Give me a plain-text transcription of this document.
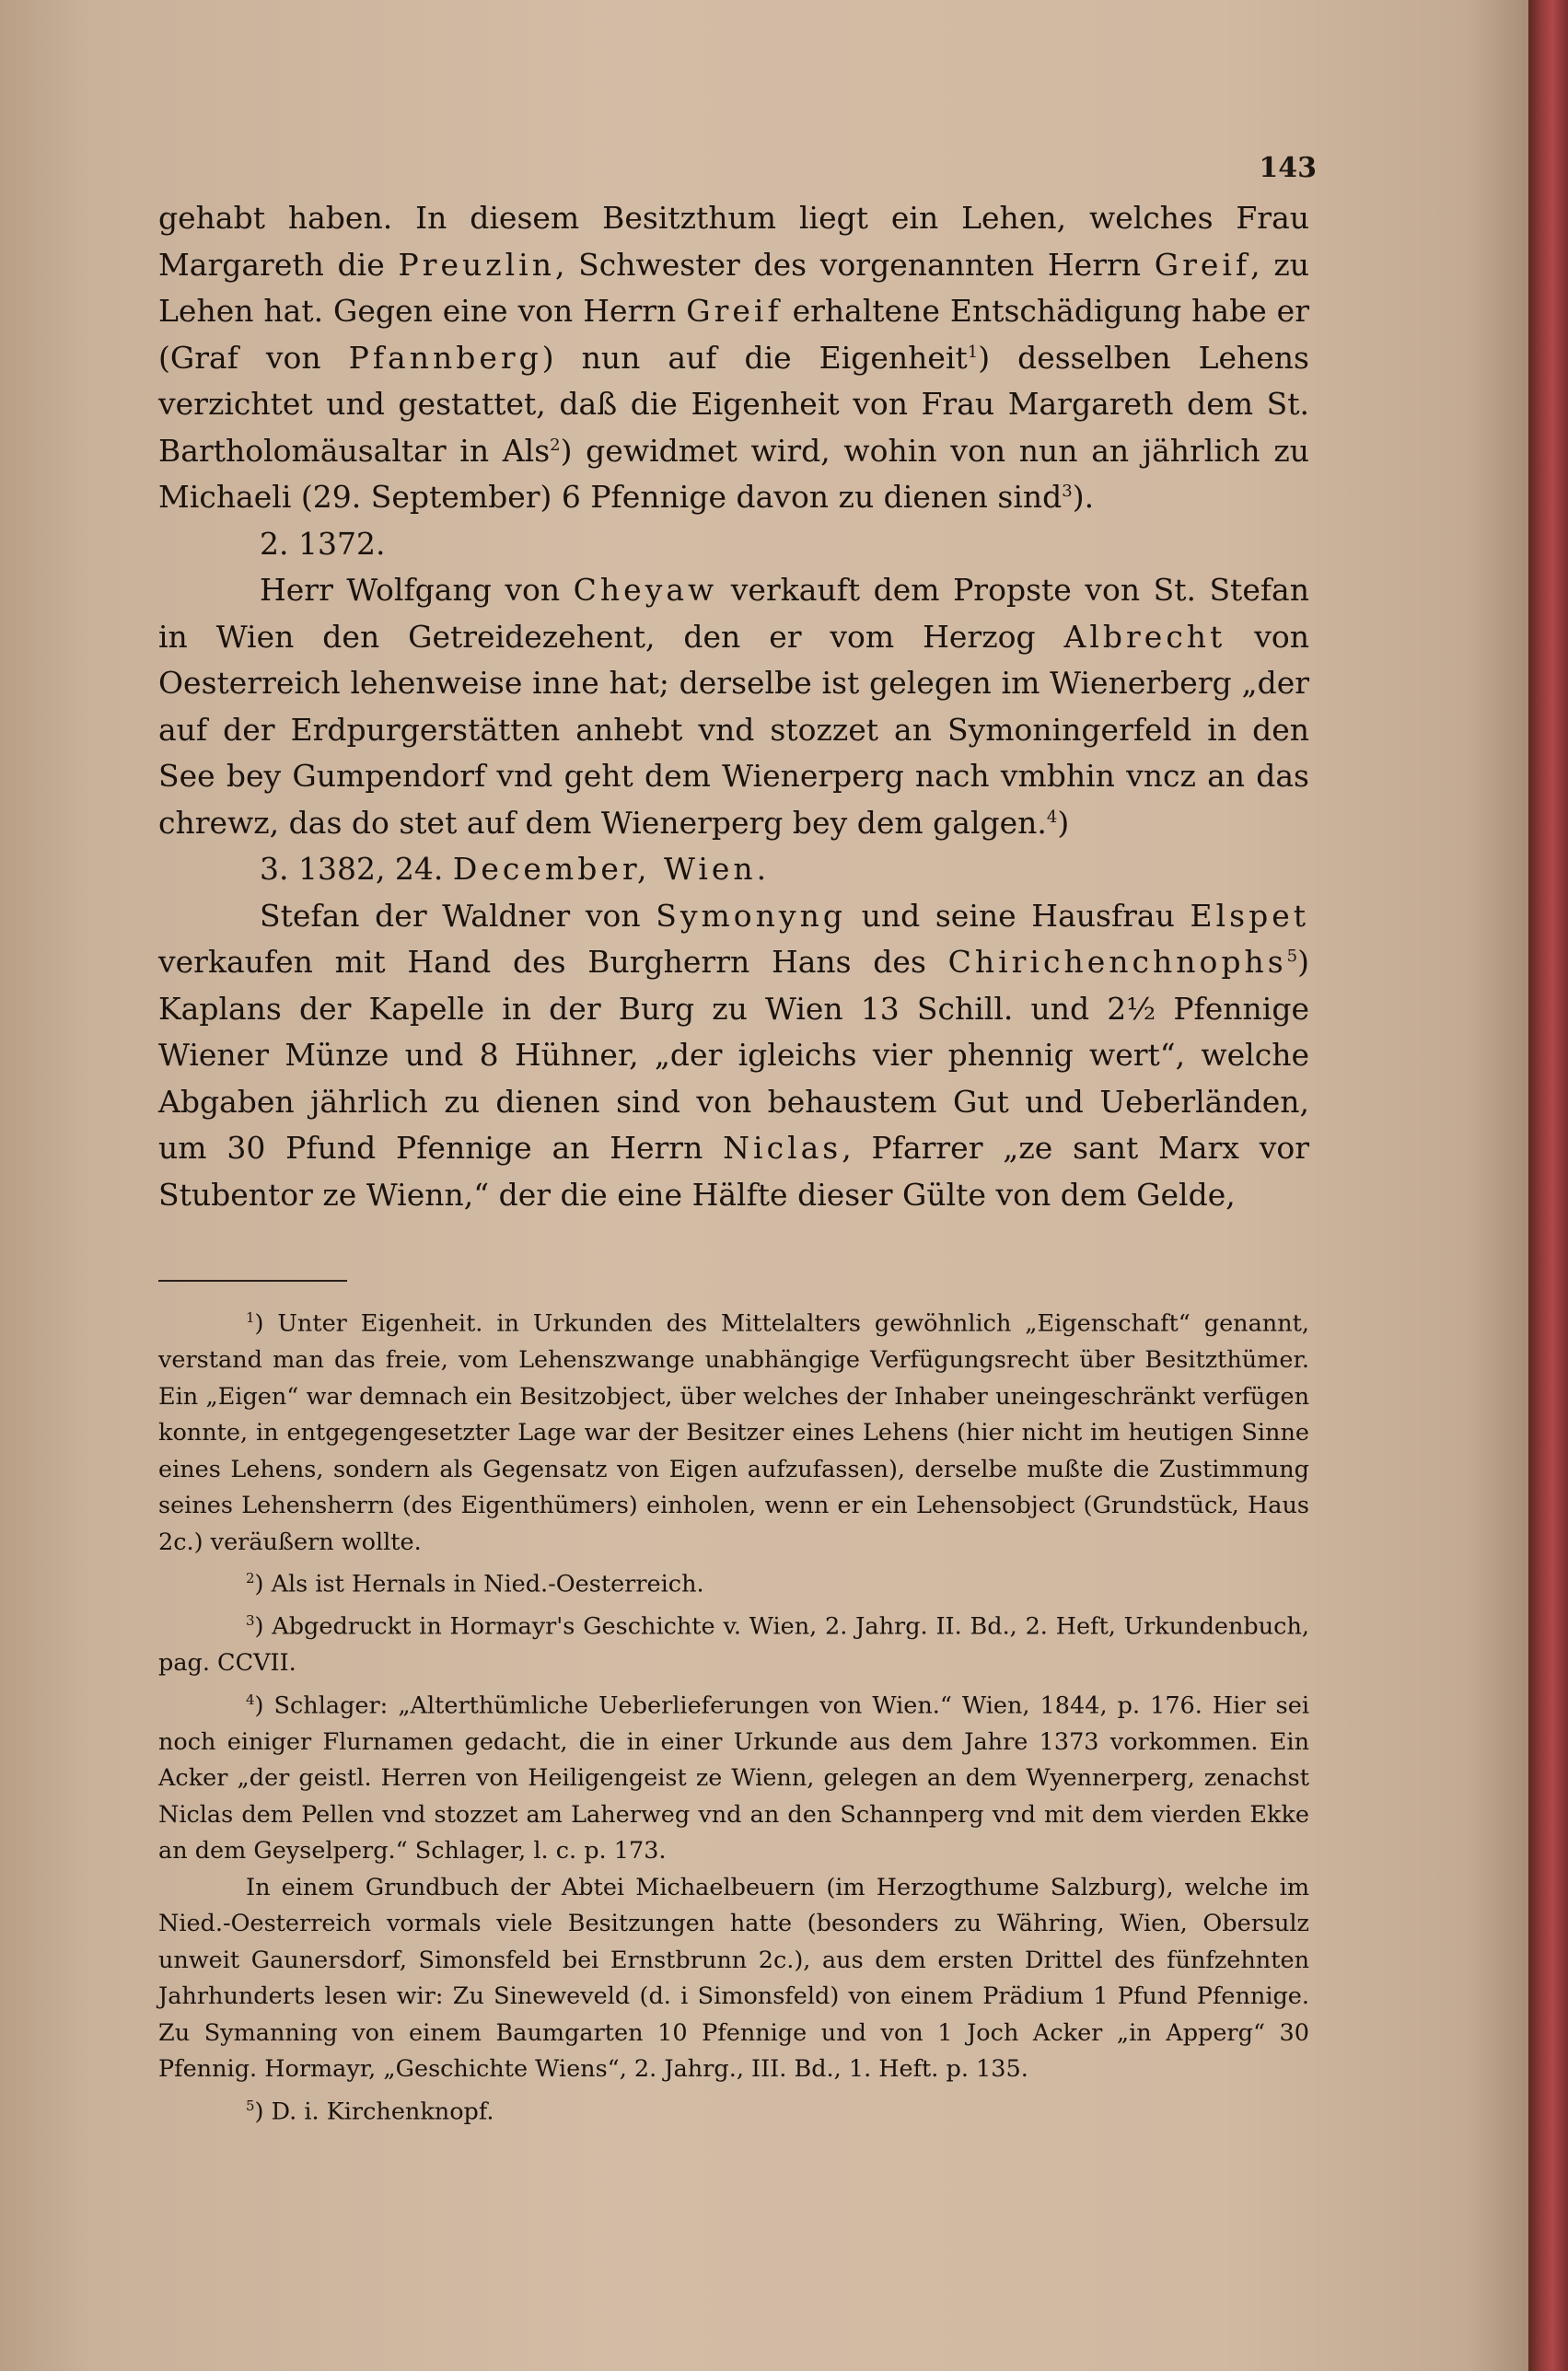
143

gehabt haben. In diesem Besitzthum liegt ein Lehen, welches Frau Margareth die Preuzlin, Schwester des vorgenannten Herrn Greif, zu Lehen hat. Gegen eine von Herrn Greif erhaltene Entschädigung habe er (Graf von Pfannberg) nun auf die Eigenheit$^1$) desselben Lehens verzichtet und gestattet, daß die Eigenheit von Frau Margareth dem St. Bartholomäusaltar in Als$^2$) gewidmet wird, wohin von nun an jährlich zu Michaeli (29. September) 6 Pfennige davon zu dienen sind$^3$).

2. 1372.

Herr Wolfgang von Cheyaw verkauft dem Propste von St. Stefan in Wien den Getreidezehent, den er vom Herzog Albrecht von Oesterreich lehenweise inne hat; derselbe ist gelegen im Wienerberg „der auf der Erdpurgerstätten anhebt vnd stozzet an Symoningerfeld in den See bey Gumpendorf vnd geht dem Wienerperg nach vmbhin vncz an das chrewz, das do stet auf dem Wienerperg bey dem galgen.$^4$)

3. 1382, 24. December, Wien.

Stefan der Waldner von Symonyng und seine Hausfrau Elspet verkaufen mit Hand des Burgherrn Hans des Chirichenchnophs$^5$) Kaplans der Kapelle in der Burg zu Wien 13 Schill. und 2½ Pfennige Wiener Münze und 8 Hühner, „der igleichs vier phennig wert“, welche Abgaben jährlich zu dienen sind von behaustem Gut und Ueberländen, um 30 Pfund Pfennige an Herrn Niclas, Pfarrer „ze sant Marx vor Stubentor ze Wienn,“ der die eine Hälfte dieser Gülte von dem Gelde,

$^1$) Unter Eigenheit. in Urkunden des Mittelalters gewöhnlich „Eigenschaft“ genannt, verstand man das freie, vom Lehenszwange unabhängige Verfügungsrecht über Besitzthümer. Ein „Eigen“ war demnach ein Besitzobject, über welches der Inhaber uneingeschränkt verfügen konnte, in entgegengesetzter Lage war der Besitzer eines Lehens (hier nicht im heutigen Sinne eines Lehens, sondern als Gegensatz von Eigen aufzufassen), derselbe mußte die Zustimmung seines Lehensherrn (des Eigenthümers) einholen, wenn er ein Lehensobject (Grundstück, Haus 2c.) veräußern wollte.

$^2$) Als ist Hernals in Nied.-Oesterreich.

$^3$) Abgedruckt in Hormayr's Geschichte v. Wien, 2. Jahrg. II. Bd., 2. Heft, Urkundenbuch, pag. CCVII.

$^4$) Schlager: „Alterthümliche Ueberlieferungen von Wien.“ Wien, 1844, p. 176. Hier sei noch einiger Flurnamen gedacht, die in einer Urkunde aus dem Jahre 1373 vorkommen. Ein Acker „der geistl. Herren von Heiligengeist ze Wienn, gelegen an dem Wyennerperg, zenachst Niclas dem Pellen vnd stozzet am Laherweg vnd an den Schannperg vnd mit dem vierden Ekke an dem Geyselperg.“ Schlager, l. c. p. 173.

In einem Grundbuch der Abtei Michaelbeuern (im Herzogthume Salzburg), welche im Nied.-Oesterreich vormals viele Besitzungen hatte (besonders zu Währing, Wien, Obersulz unweit Gaunersdorf, Simonsfeld bei Ernstbrunn 2c.), aus dem ersten Drittel des fünfzehnten Jahrhunderts lesen wir: Zu Sineweveld (d. i Simonsfeld) von einem Prädium 1 Pfund Pfennige. Zu Symanning von einem Baumgarten 10 Pfennige und von 1 Joch Acker „in Apperg“ 30 Pfennig. Hormayr, „Geschichte Wiens“, 2. Jahrg., III. Bd., 1. Heft. p. 135.

$^5$) D. i. Kirchenknopf.
